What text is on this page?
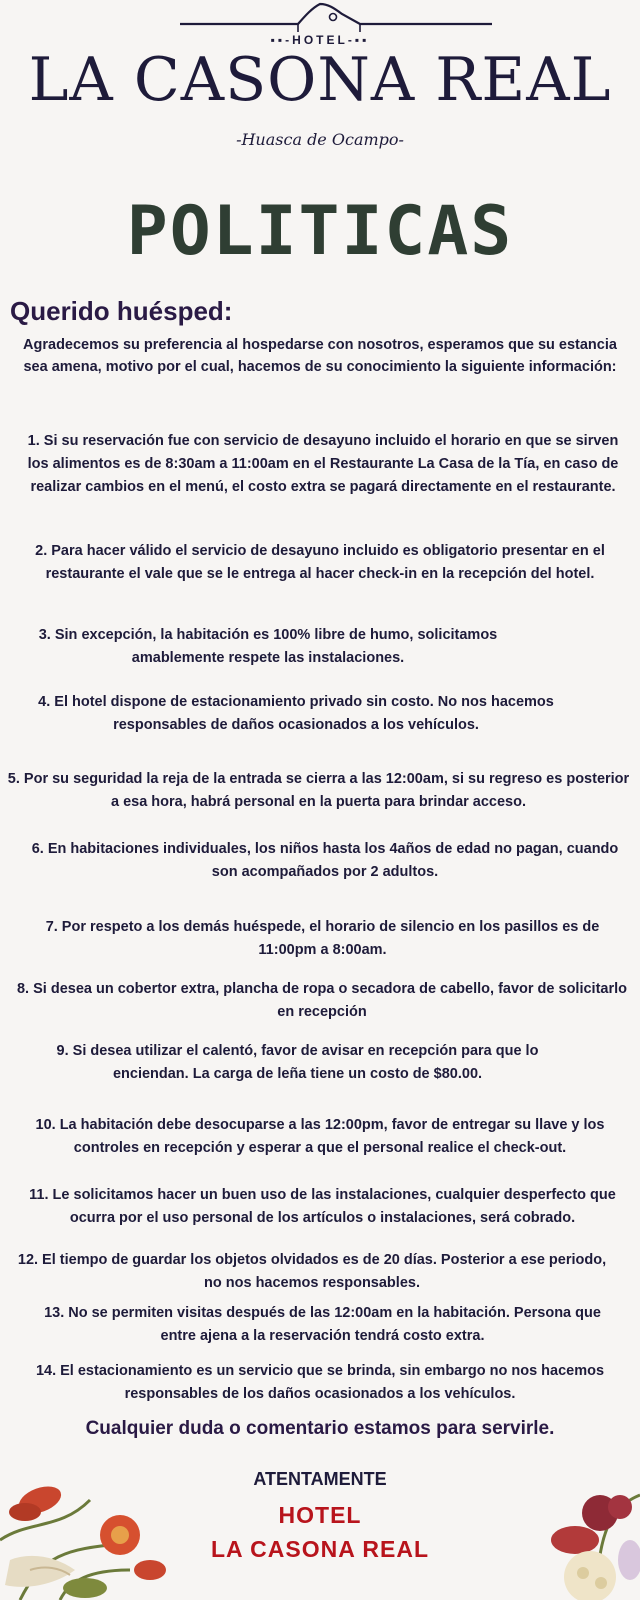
▪▪-HOTEL-▪▪
LA CASONA REAL
-Huasca de Ocampo-
POLITICAS
Querido huésped:
Agradecemos su preferencia al hospedarse con nosotros, esperamos que su estancia sea amena, motivo por el cual, hacemos de su conocimiento la siguiente información:
1. Si su reservación fue con servicio de desayuno incluido el horario en que se sirven los alimentos es de 8:30am a 11:00am en el Restaurante La Casa de la Tía, en caso de realizar cambios en el menú, el costo extra se pagará directamente en el restaurante.
2. Para hacer válido el servicio de desayuno incluido es obligatorio presentar en el restaurante el vale que se le entrega al hacer check-in en la recepción del hotel.
3. Sin excepción, la habitación es 100% libre de humo, solicitamos amablemente respete las instalaciones.
4. El hotel dispone de estacionamiento privado sin costo. No nos hacemos responsables de daños ocasionados a los vehículos.
5. Por su seguridad la reja de la entrada se cierra a las 12:00am, si su regreso es posterior a esa hora, habrá personal en la puerta para brindar acceso.
6. En habitaciones individuales, los niños hasta los 4años de edad no pagan, cuando son acompañados por 2 adultos.
7. Por respeto a los demás huéspede, el horario de silencio en los pasillos es de 11:00pm a 8:00am.
8. Si desea un cobertor extra, plancha de ropa o secadora de cabello, favor de solicitarlo en recepción
9. Si desea utilizar el calentó, favor de avisar en recepción para que lo enciendan. La carga de leña tiene un costo de $80.00.
10. La habitación debe desocuparse a las 12:00pm, favor de entregar su llave y los controles en recepción y esperar a que el personal realice el check-out.
11. Le solicitamos hacer un buen uso de las instalaciones, cualquier desperfecto que ocurra por el uso personal de los artículos o instalaciones, será cobrado.
12. El tiempo de guardar los objetos olvidados es de 20 días. Posterior a ese periodo, no nos hacemos responsables.
13. No se permiten visitas después de las 12:00am en la habitación. Persona que entre ajena a la reservación tendrá costo extra.
14. El estacionamiento es un servicio que se brinda, sin embargo no nos hacemos responsables de los daños ocasionados a los vehículos.
Cualquier duda o comentario estamos para servirle.
ATENTAMENTE
HOTEL
LA CASONA REAL
